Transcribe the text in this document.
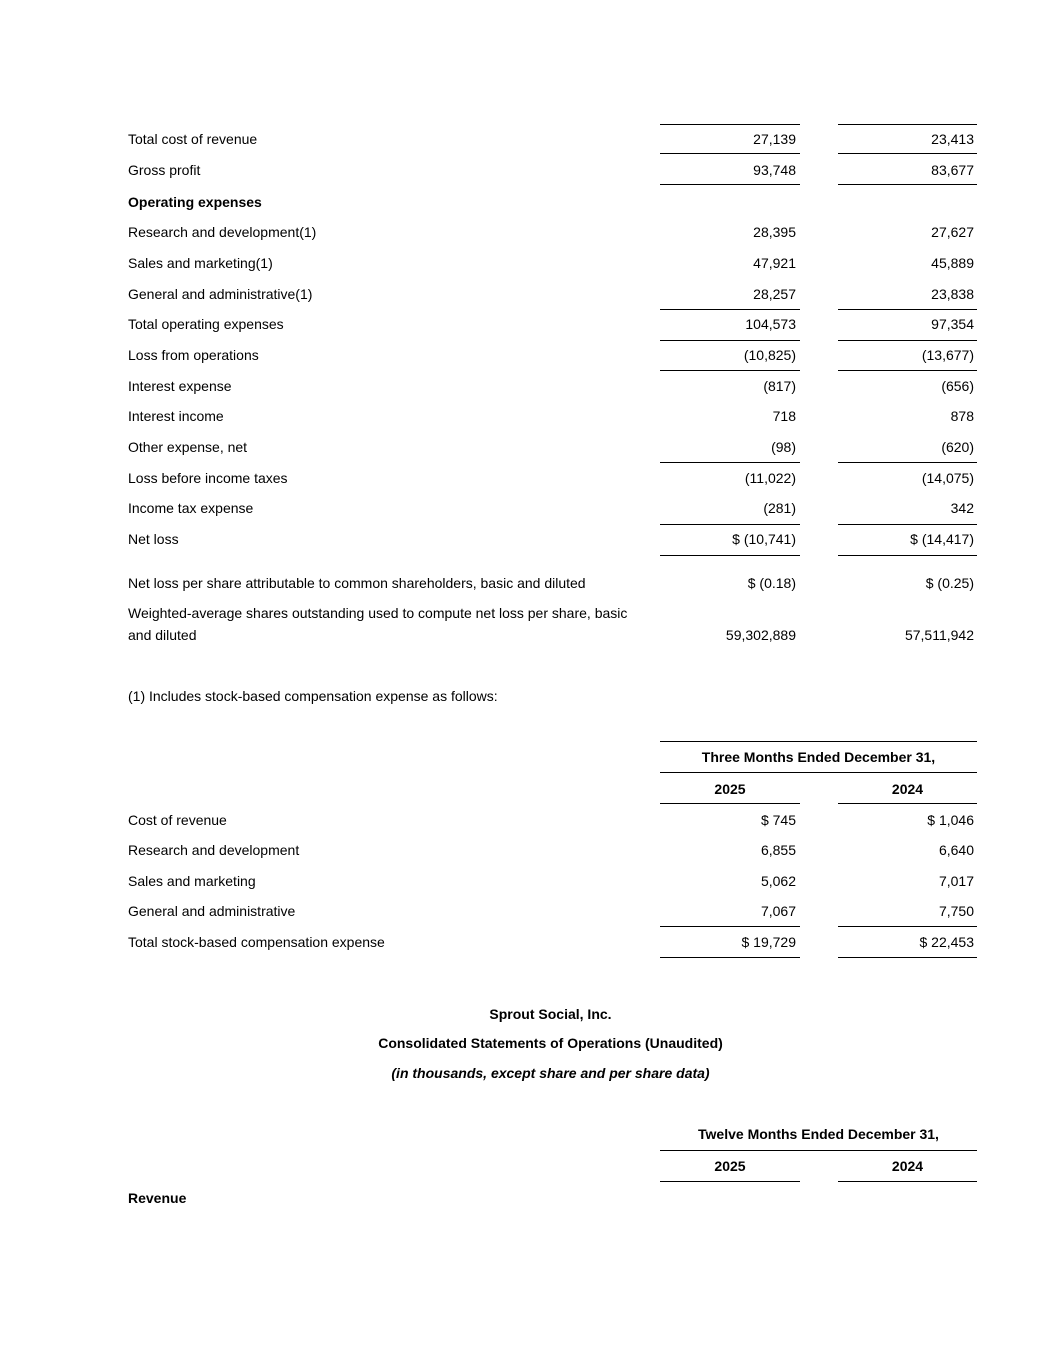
Total cost of revenue	27,139	23,413
Gross profit	93,748	83,677
Operating expenses
Research and development(1)	28,395	27,627
Sales and marketing(1)	47,921	45,889
General and administrative(1)	28,257	23,838
Total operating expenses	104,573	97,354
Loss from operations	(10,825)	(13,677)
Interest expense	(817)	(656)
Interest income	718	878
Other expense, net	(98)	(620)
Loss before income taxes	(11,022)	(14,075)
Income tax expense	(281)	342
Net loss	$ (10,741)	$ (14,417)
Net loss per share attributable to common shareholders, basic and diluted	$ (0.18)	$ (0.25)
Weighted-average shares outstanding used to compute net loss per share, basic
and diluted	59,302,889	57,511,942
(1) Includes stock-based compensation expense as follows:
Three Months Ended December 31,
2025	2024
Cost of revenue	$ 745	$ 1,046
Research and development	6,855	6,640
Sales and marketing	5,062	7,017
General and administrative	7,067	7,750
Total stock-based compensation expense	$ 19,729	$ 22,453
Sprout Social, Inc.
Consolidated Statements of Operations (Unaudited)
(in thousands, except share and per share data)
Twelve Months Ended December 31,
2025	2024
Revenue
